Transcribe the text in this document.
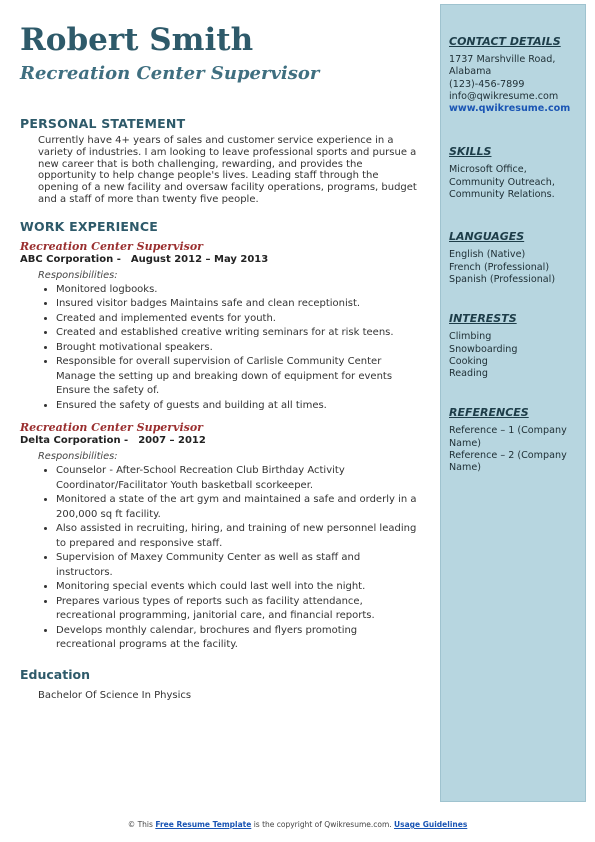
Robert Smith
Recreation Center Supervisor
PERSONAL STATEMENT
Currently have 4+ years of sales and customer service experience in a variety of industries. I am looking to leave professional sports and pursue a new career that is both challenging, rewarding, and provides the opportunity to help change people's lives. Leading staff through the opening of a new facility and oversaw facility operations, programs, budget and a staff of more than twenty five people.
WORK EXPERIENCE
Recreation Center Supervisor
ABC Corporation - August 2012 – May 2013
Responsibilities:
• Monitored logbooks.
• Insured visitor badges Maintains safe and clean receptionist.
• Created and implemented events for youth.
• Created and established creative writing seminars for at risk teens.
• Brought motivational speakers.
• Responsible for overall supervision of Carlisle Community Center Manage the setting up and breaking down of equipment for events Ensure the safety of.
• Ensured the safety of guests and building at all times.
Recreation Center Supervisor
Delta Corporation - 2007 – 2012
Responsibilities:
• Counselor - After-School Recreation Club Birthday Activity Coordinator/Facilitator Youth basketball scorkeeper.
• Monitored a state of the art gym and maintained a safe and orderly in a 200,000 sq ft facility.
• Also assisted in recruiting, hiring, and training of new personnel leading to prepared and responsive staff.
• Supervision of Maxey Community Center as well as staff and instructors.
• Monitoring special events which could last well into the night.
• Prepares various types of reports such as facility attendance, recreational programming, janitorial care, and financial reports.
• Develops monthly calendar, brochures and flyers promoting recreational programs at the facility.
Education
Bachelor Of Science In Physics
CONTACT DETAILS
1737 Marshville Road,
Alabama
(123)-456-7899
info@qwikresume.com
www.qwikresume.com
SKILLS
Microsoft Office, Community Outreach, Community Relations.
LANGUAGES
English (Native)
French (Professional)
Spanish (Professional)
INTERESTS
Climbing
Snowboarding
Cooking
Reading
REFERENCES
Reference – 1 (Company Name)
Reference – 2 (Company Name)
© This Free Resume Template is the copyright of Qwikresume.com. Usage Guidelines
